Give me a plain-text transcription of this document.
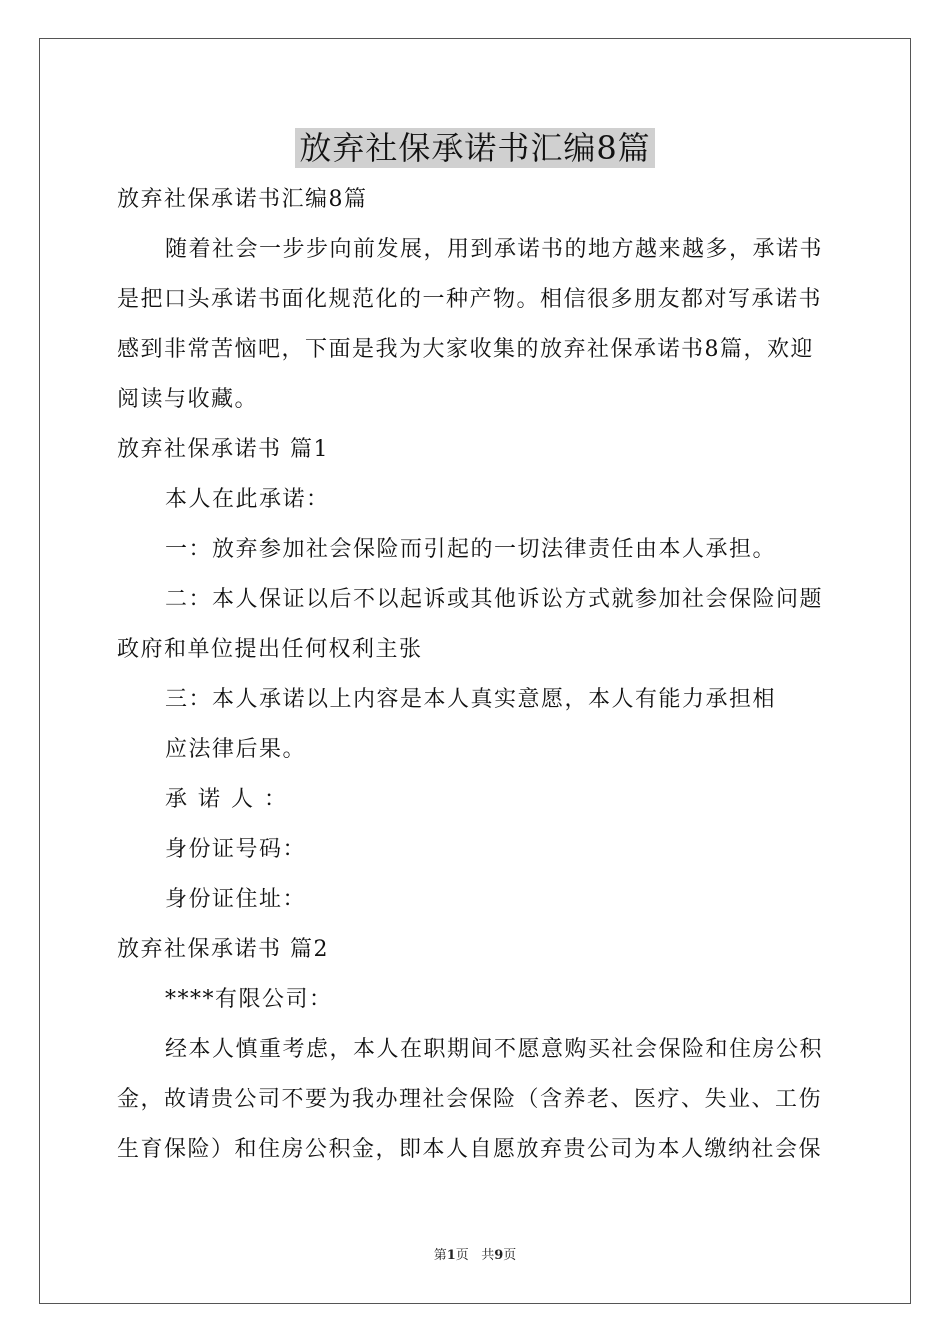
放弃社保承诺书汇编8篇
放弃社保承诺书汇编8篇
随着社会一步步向前发展，用到承诺书的地方越来越多，承诺书
是把口头承诺书面化规范化的一种产物。相信很多朋友都对写承诺书
感到非常苦恼吧，下面是我为大家收集的放弃社保承诺书8篇，欢迎
阅读与收藏。
放弃社保承诺书 篇1
本人在此承诺：
一：放弃参加社会保险而引起的一切法律责任由本人承担。
二：本人保证以后不以起诉或其他诉讼方式就参加社会保险问题
政府和单位提出任何权利主张
三：本人承诺以上内容是本人真实意愿，本人有能力承担相
应法律后果。
承诺人：
身份证号码：
身份证住址：
放弃社保承诺书 篇2
****有限公司：
经本人慎重考虑，本人在职期间不愿意购买社会保险和住房公积
金，故请贵公司不要为我办理社会保险（含养老、医疗、失业、工伤
生育保险）和住房公积金，即本人自愿放弃贵公司为本人缴纳社会保
第1页 共9页
